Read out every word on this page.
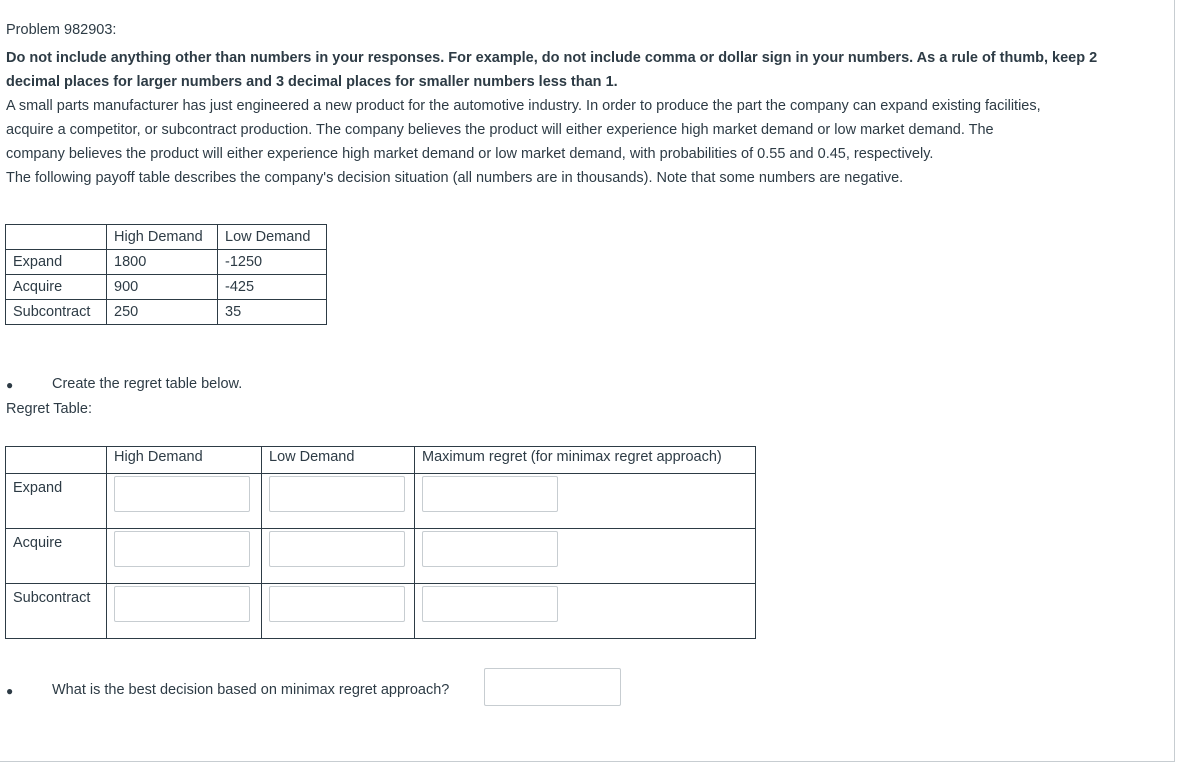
Problem 982903:
Do not include anything other than numbers in your responses. For example, do not include comma or dollar sign in your numbers. As a rule of thumb, keep 2
decimal places for larger numbers and 3 decimal places for smaller numbers less than 1.
A small parts manufacturer has just engineered a new product for the automotive industry. In order to produce the part the company can expand existing facilities,
acquire a competitor, or subcontract production. The company believes the product will either experience high market demand or low market demand. The
company believes the product will either experience high market demand or low market demand, with probabilities of 0.55 and 0.45, respectively.
The following payoff table describes the company's decision situation (all numbers are in thousands). Note that some numbers are negative.
	High Demand	Low Demand
Expand	1800	-1250
Acquire	900	-425
Subcontract	250	35
●	Create the regret table below.
Regret Table:
	High Demand	Low Demand	Maximum regret (for minimax regret approach)
Expand	

Acquire	

Subcontract	

●	What is the best decision based on minimax regret approach?
